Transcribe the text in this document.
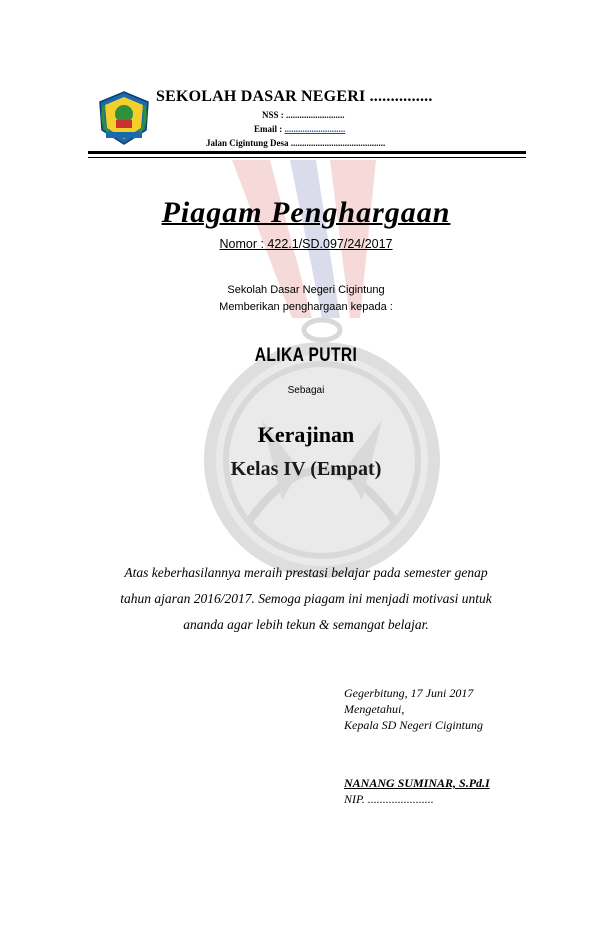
SEKOLAH DASAR NEGERI ...............
NSS : ..........................
Email : ...........................
Jalan Cigintung Desa ..........................................
Piagam Penghargaan
Nomor : 422.1/SD.097/24/2017
Sekolah Dasar Negeri Cigintung
Memberikan penghargaan kepada :
ALIKA PUTRI
Sebagai
Kerajinan
Kelas IV (Empat)
Atas keberhasilannya meraih prestasi belajar pada semester genap
tahun ajaran 2016/2017. Semoga piagam ini menjadi motivasi untuk
ananda agar lebih tekun & semangat belajar.
Gegerbitung, 17 Juni 2017
Mengetahui,
Kepala SD Negeri Cigintung
NANANG SUMINAR, S.Pd.I
NIP. ......................
